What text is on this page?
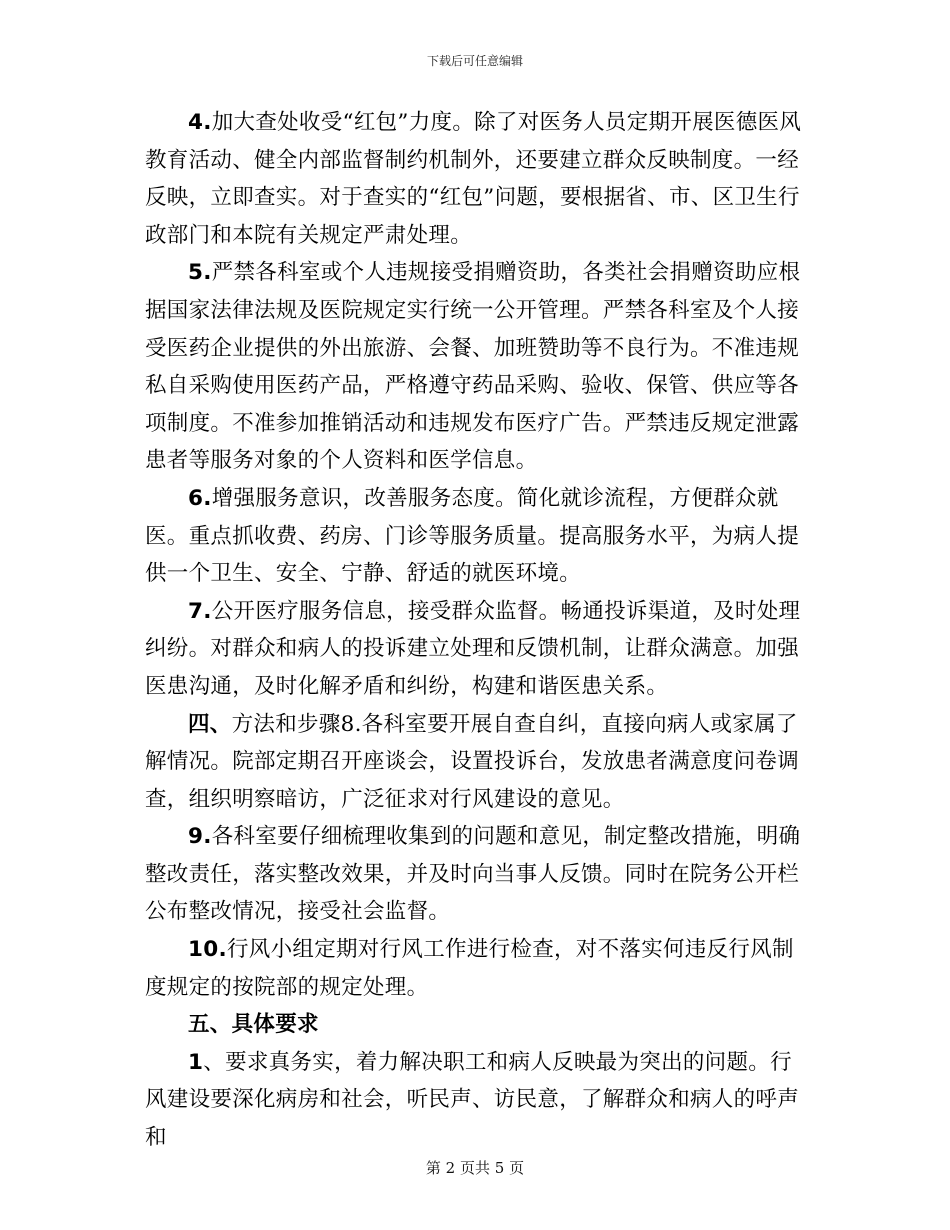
下载后可任意编辑

4.加大查处收受“红包”力度。除了对医务人员定期开展医德医风教育活动、健全内部监督制约机制外，还要建立群众反映制度。一经反映，立即查实。对于查实的“红包”问题，要根据省、市、区卫生行政部门和本院有关规定严肃处理。

5.严禁各科室或个人违规接受捐赠资助，各类社会捐赠资助应根据国家法律法规及医院规定实行统一公开管理。严禁各科室及个人接受医药企业提供的外出旅游、会餐、加班赞助等不良行为。不准违规私自采购使用医药产品，严格遵守药品采购、验收、保管、供应等各项制度。不准参加推销活动和违规发布医疗广告。严禁违反规定泄露患者等服务对象的个人资料和医学信息。

6.增强服务意识，改善服务态度。简化就诊流程，方便群众就医。重点抓收费、药房、门诊等服务质量。提高服务水平，为病人提供一个卫生、安全、宁静、舒适的就医环境。

7.公开医疗服务信息，接受群众监督。畅通投诉渠道，及时处理纠纷。对群众和病人的投诉建立处理和反馈机制，让群众满意。加强医患沟通，及时化解矛盾和纠纷，构建和谐医患关系。

四、方法和步骤8.各科室要开展自查自纠，直接向病人或家属了解情况。院部定期召开座谈会，设置投诉台，发放患者满意度问卷调查，组织明察暗访，广泛征求对行风建设的意见。

9.各科室要仔细梳理收集到的问题和意见，制定整改措施，明确整改责任，落实整改效果，并及时向当事人反馈。同时在院务公开栏公布整改情况，接受社会监督。

10.行风小组定期对行风工作进行检查，对不落实何违反行风制度规定的按院部的规定处理。

五、具体要求

1、要求真务实，着力解决职工和病人反映最为突出的问题。行风建设要深化病房和社会，听民声、访民意，了解群众和病人的呼声和

第 2 页共 5 页
